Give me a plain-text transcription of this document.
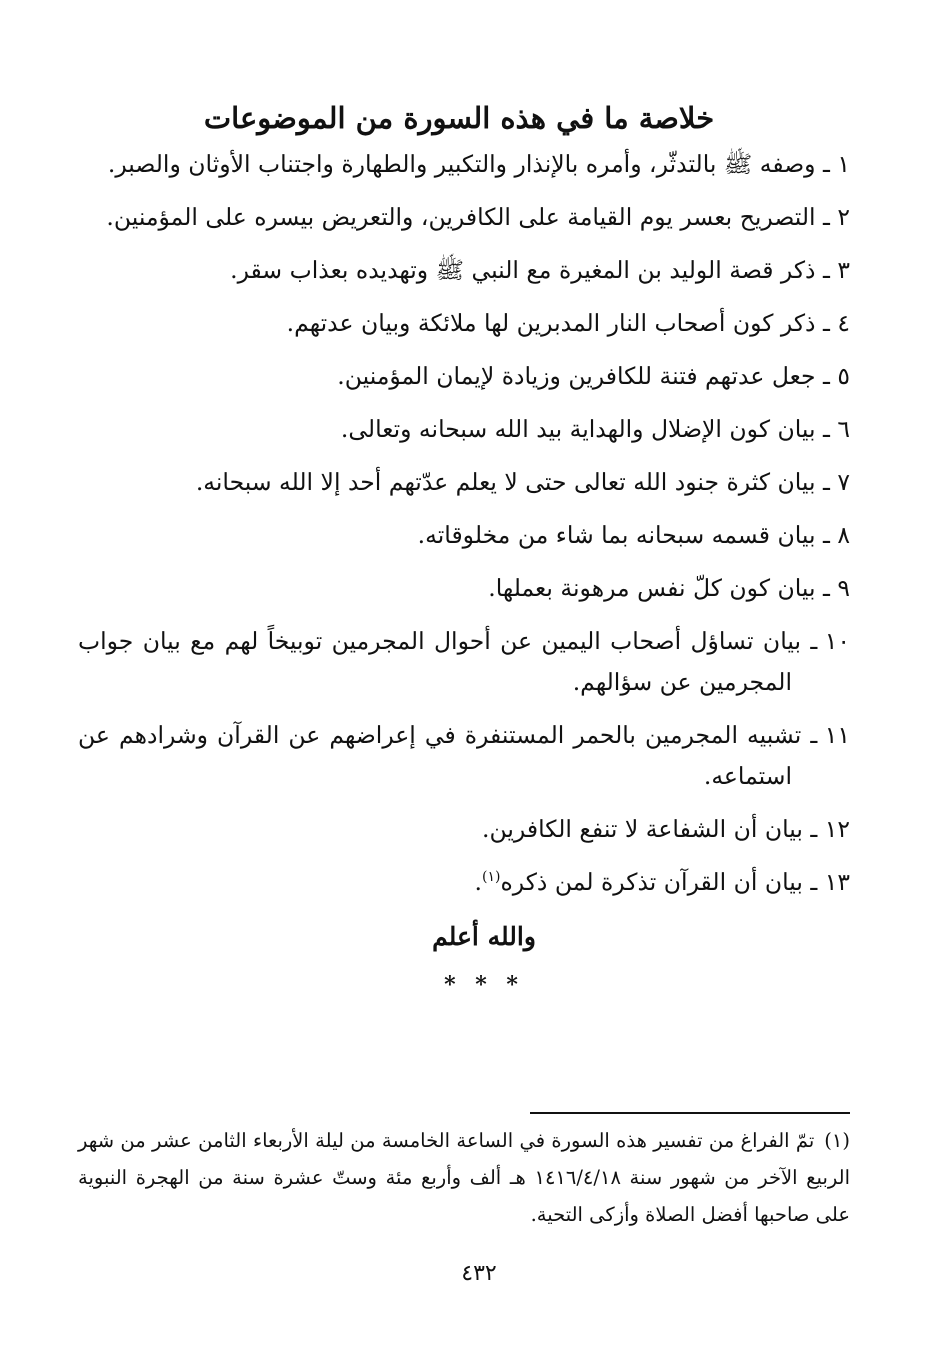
خلاصة ما في هذه السورة من الموضوعات
١ ـ وصفه ﷺ بالتدثّر، وأمره بالإنذار والتكبير والطهارة واجتناب الأوثان والصبر.
٢ ـ التصريح بعسر يوم القيامة على الكافرين، والتعريض بيسره على المؤمنين.
٣ ـ ذكر قصة الوليد بن المغيرة مع النبي ﷺ وتهديده بعذاب سقر.
٤ ـ ذكر كون أصحاب النار المدبرين لها ملائكة وبيان عدتهم.
٥ ـ جعل عدتهم فتنة للكافرين وزيادة لإيمان المؤمنين.
٦ ـ بيان كون الإضلال والهداية بيد الله سبحانه وتعالى.
٧ ـ بيان كثرة جنود الله تعالى حتى لا يعلم عدّتهم أحد إلا الله سبحانه.
٨ ـ بيان قسمه سبحانه بما شاء من مخلوقاته.
٩ ـ بيان كون كلّ نفس مرهونة بعملها.
١٠ ـ بيان تساؤل أصحاب اليمين عن أحوال المجرمين توبيخاً لهم مع بيان جواب المجرمين عن سؤالهم.
١١ ـ تشبيه المجرمين بالحمر المستنفرة في إعراضهم عن القرآن وشرادهم عن استماعه.
١٢ ـ بيان أن الشفاعة لا تنفع الكافرين.
١٣ ـ بيان أن القرآن تذكرة لمن ذكره$^{(١)}$.
والله أعلم
* * *
(١)تمّ الفراغ من تفسير هذه السورة في الساعة الخامسة من ليلة الأربعاء الثامن عشر من شهر الربيع الآخر من شهور سنة ١٤١٦/٤/١٨ هـ ألف وأربع مئة وستّ عشرة سنة من الهجرة النبوية على صاحبها أفضل الصلاة وأزكى التحية.
٤٣٢
